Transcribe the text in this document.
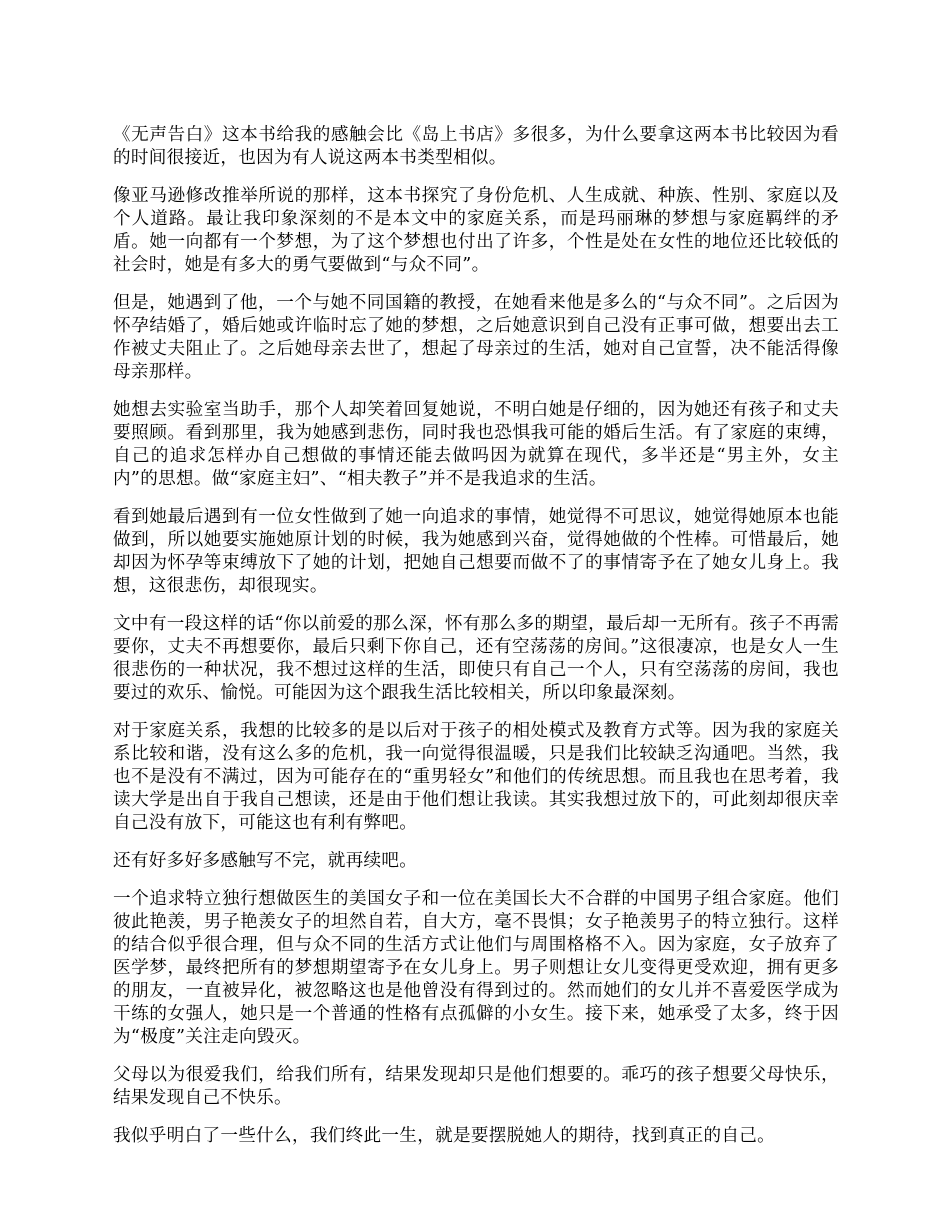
《无声告白》这本书给我的感触会比《岛上书店》多很多，为什么要拿这两本书比较因为看的时间很接近，也因为有人说这两本书类型相似。

像亚马逊修改推举所说的那样，这本书探究了身份危机、人生成就、种族、性别、家庭以及个人道路。最让我印象深刻的不是本文中的家庭关系，而是玛丽琳的梦想与家庭羁绊的矛盾。她一向都有一个梦想，为了这个梦想也付出了许多，个性是处在女性的地位还比较低的社会时，她是有多大的勇气要做到“与众不同”。

但是，她遇到了他，一个与她不同国籍的教授，在她看来他是多么的“与众不同”。之后因为怀孕结婚了，婚后她或许临时忘了她的梦想，之后她意识到自己没有正事可做，想要出去工作被丈夫阻止了。之后她母亲去世了，想起了母亲过的生活，她对自己宣誓，决不能活得像母亲那样。

她想去实验室当助手，那个人却笑着回复她说，不明白她是仔细的，因为她还有孩子和丈夫要照顾。看到那里，我为她感到悲伤，同时我也恐惧我可能的婚后生活。有了家庭的束缚，自己的追求怎样办自己想做的事情还能去做吗因为就算在现代，多半还是“男主外，女主内”的思想。做“家庭主妇”、“相夫教子”并不是我追求的生活。

看到她最后遇到有一位女性做到了她一向追求的事情，她觉得不可思议，她觉得她原本也能做到，所以她要实施她原计划的时候，我为她感到兴奋，觉得她做的个性棒。可惜最后，她却因为怀孕等束缚放下了她的计划，把她自己想要而做不了的事情寄予在了她女儿身上。我想，这很悲伤，却很现实。

文中有一段这样的话“你以前爱的那么深，怀有那么多的期望，最后却一无所有。孩子不再需要你，丈夫不再想要你，最后只剩下你自己，还有空荡荡的房间。”这很凄凉，也是女人一生很悲伤的一种状况，我不想过这样的生活，即使只有自己一个人，只有空荡荡的房间，我也要过的欢乐、愉悦。可能因为这个跟我生活比较相关，所以印象最深刻。

对于家庭关系，我想的比较多的是以后对于孩子的相处模式及教育方式等。因为我的家庭关系比较和谐，没有这么多的危机，我一向觉得很温暖，只是我们比较缺乏沟通吧。当然，我也不是没有不满过，因为可能存在的“重男轻女”和他们的传统思想。而且我也在思考着，我读大学是出自于我自己想读，还是由于他们想让我读。其实我想过放下的，可此刻却很庆幸自己没有放下，可能这也有利有弊吧。

还有好多好多感触写不完，就再续吧。

一个追求特立独行想做医生的美国女子和一位在美国长大不合群的中国男子组合家庭。他们彼此艳羡，男子艳羡女子的坦然自若，自大方，毫不畏惧；女子艳羡男子的特立独行。这样的结合似乎很合理，但与众不同的生活方式让他们与周围格格不入。因为家庭，女子放弃了医学梦，最终把所有的梦想期望寄予在女儿身上。男子则想让女儿变得更受欢迎，拥有更多的朋友，一直被异化，被忽略这也是他曾没有得到过的。然而她们的女儿并不喜爱医学成为干练的女强人，她只是一个普通的性格有点孤僻的小女生。接下来，她承受了太多，终于因为“极度”关注走向毁灭。

父母以为很爱我们，给我们所有，结果发现却只是他们想要的。乖巧的孩子想要父母快乐，结果发现自己不快乐。

我似乎明白了一些什么，我们终此一生，就是要摆脱她人的期待，找到真正的自己。
